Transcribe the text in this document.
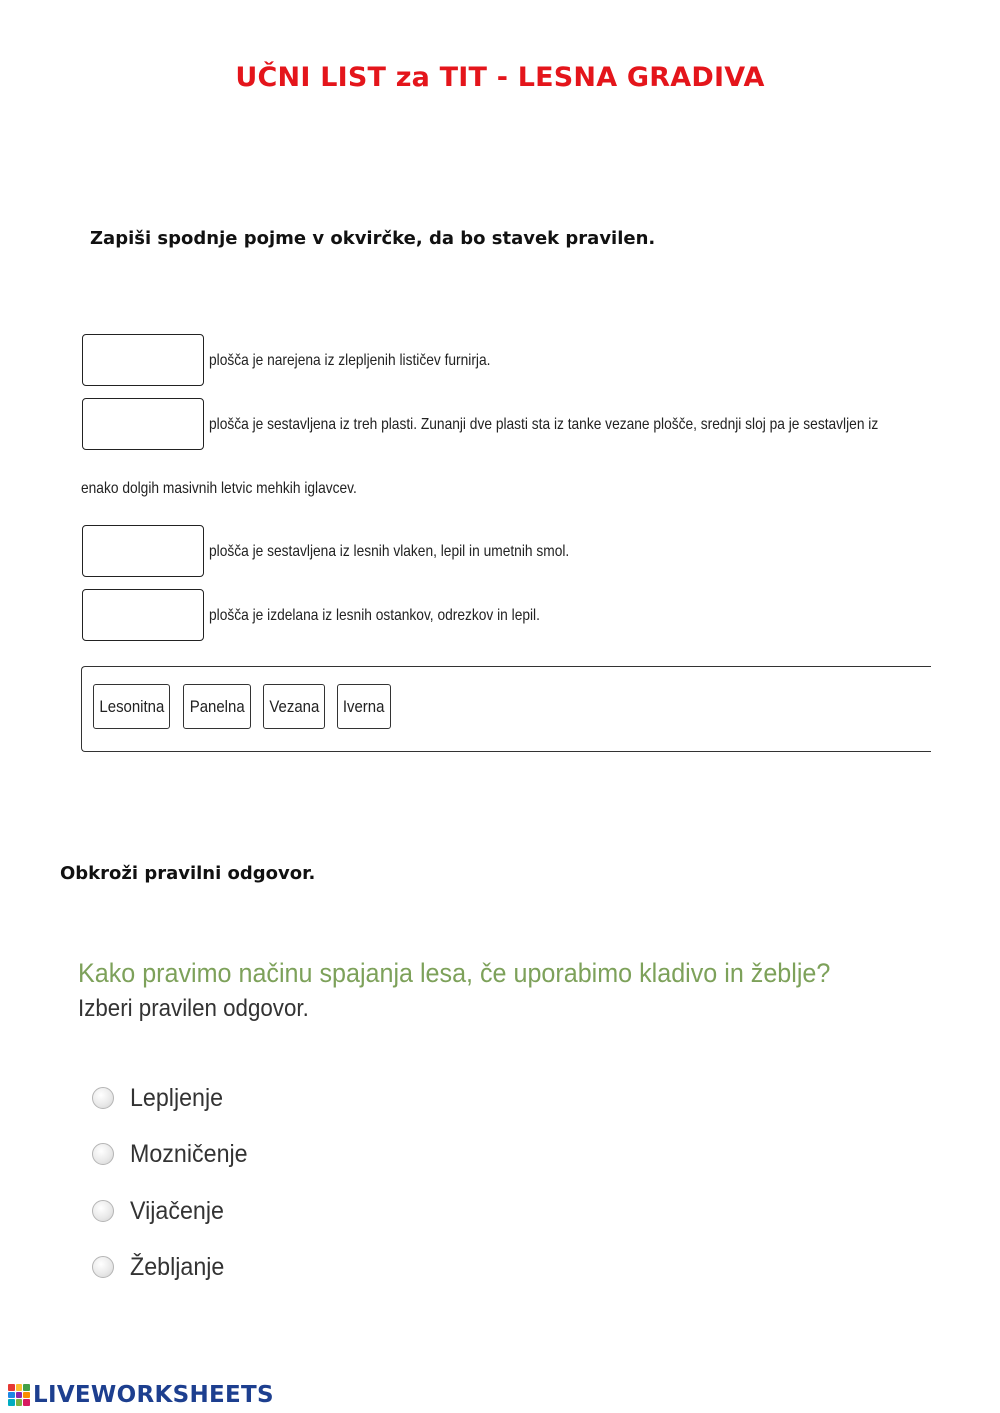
UČNI LIST za TIT - LESNA GRADIVA
Zapiši spodnje pojme v okvirčke, da bo stavek pravilen.
plošča je narejena iz zlepljenih lističev furnirja.
plošča je sestavljena iz treh plasti. Zunanji dve plasti sta iz tanke vezane plošče, srednji sloj pa je sestavljen iz
enako dolgih masivnih letvic mehkih iglavcev.
plošča je sestavljena iz lesnih vlaken, lepil in umetnih smol.
plošča je izdelana iz lesnih ostankov, odrezkov in lepil.
Lesonitna Panelna Vezana Iverna
Obkroži pravilni odgovor.
Kako pravimo načinu spajanja lesa, če uporabimo kladivo in žeblje?
Izberi pravilen odgovor.
Lepljenje
Mozničenje
Vijačenje
Žebljanje
LIVEWORKSHEETS
